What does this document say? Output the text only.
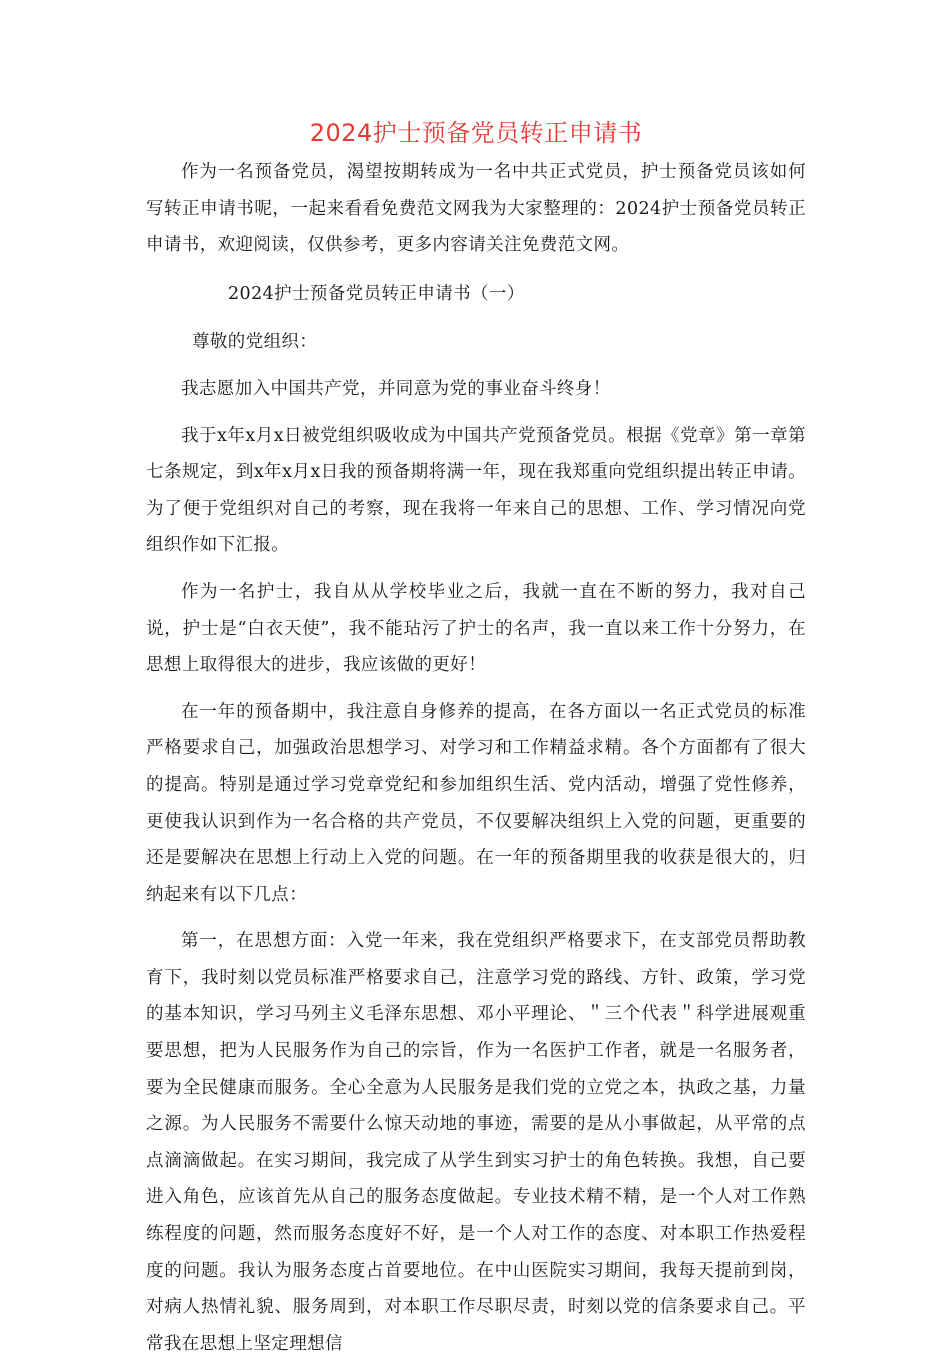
2024护士预备党员转正申请书

作为一名预备党员，渴望按期转成为一名中共正式党员，护士预备党员该如何写转正申请书呢，一起来看看免费范文网我为大家整理的：2024护士预备党员转正申请书，欢迎阅读，仅供参考，更多内容请关注免费范文网。

2024护士预备党员转正申请书（一）

尊敬的党组织：

我志愿加入中国共产党，并同意为党的事业奋斗终身！

我于x年x月x日被党组织吸收成为中国共产党预备党员。根据《党章》第一章第七条规定，到x年x月x日我的预备期将满一年，现在我郑重向党组织提出转正申请。为了便于党组织对自己的考察，现在我将一年来自己的思想、工作、学习情况向党组织作如下汇报。

作为一名护士，我自从从学校毕业之后，我就一直在不断的努力，我对自己说，护士是“白衣天使”，我不能玷污了护士的名声，我一直以来工作十分努力，在思想上取得很大的进步，我应该做的更好！

在一年的预备期中，我注意自身修养的提高，在各方面以一名正式党员的标准严格要求自己，加强政治思想学习、对学习和工作精益求精。各个方面都有了很大的提高。特别是通过学习党章党纪和参加组织生活、党内活动，增强了党性修养，更使我认识到作为一名合格的共产党员，不仅要解决组织上入党的问题，更重要的还是要解决在思想上行动上入党的问题。在一年的预备期里我的收获是很大的，归纳起来有以下几点：

第一，在思想方面：入党一年来，我在党组织严格要求下，在支部党员帮助教育下，我时刻以党员标准严格要求自己，注意学习党的路线、方针、政策，学习党的基本知识，学习马列主义毛泽东思想、邓小平理论、＂三个代表＂科学进展观重要思想，把为人民服务作为自己的宗旨，作为一名医护工作者，就是一名服务者，要为全民健康而服务。全心全意为人民服务是我们党的立党之本，执政之基，力量之源。为人民服务不需要什么惊天动地的事迹，需要的是从小事做起，从平常的点点滴滴做起。在实习期间，我完成了从学生到实习护士的角色转换。我想，自己要进入角色，应该首先从自己的服务态度做起。专业技术精不精，是一个人对工作熟练程度的问题，然而服务态度好不好，是一个人对工作的态度、对本职工作热爱程度的问题。我认为服务态度占首要地位。在中山医院实习期间，我每天提前到岗，对病人热情礼貌、服务周到，对本职工作尽职尽责，时刻以党的信条要求自己。平常我在思想上坚定理想信
